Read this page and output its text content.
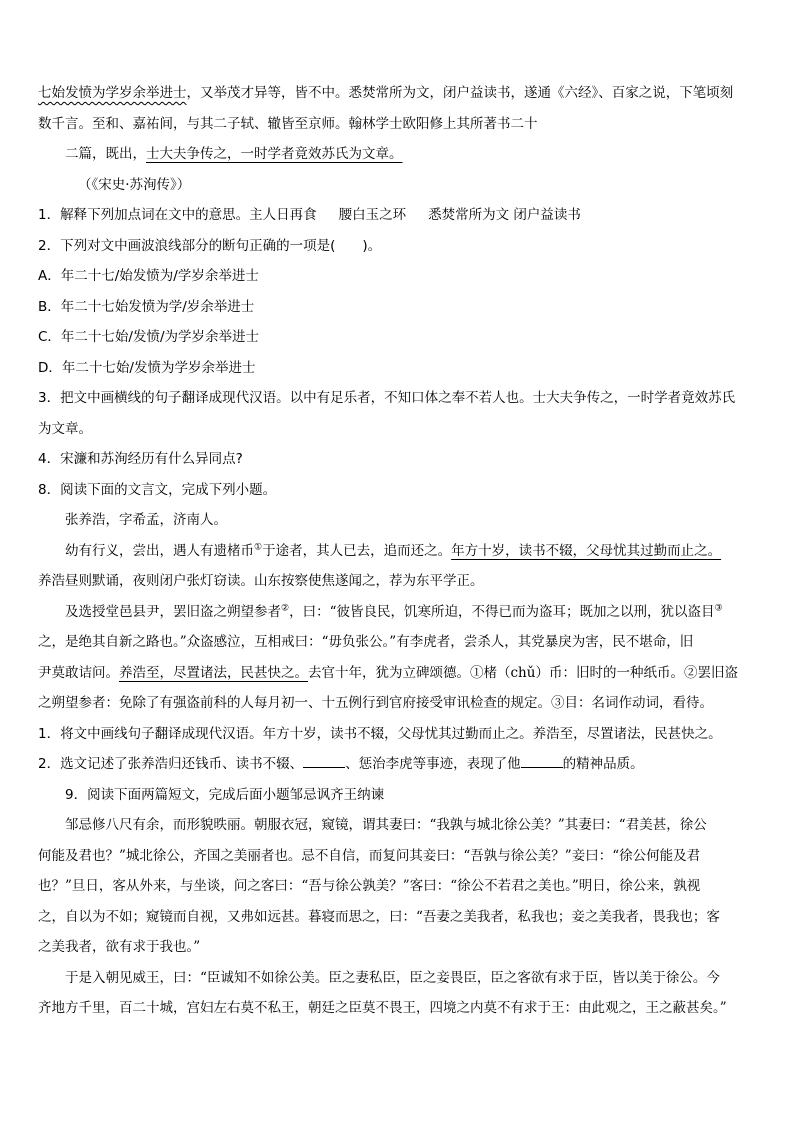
七始发愤为学岁余举进士，又举茂才异等，皆不中。悉焚常所为文，闭户益读书，遂通《六经》、百家之说，下笔顷刻

数千言。至和、嘉祐间，与其二子轼、辙皆至京师。翰林学士欧阳修上其所著书二十

二篇，既出，士大夫争传之，一时学者竟效苏氏为文章。

（《宋史·苏洵传》）

1．解释下列加点词在文中的意思。主人日再食 腰白玉之环 悉焚常所为文 闭户益读书

2．下列对文中画波浪线部分的断句正确的一项是(　　)。

A．年二十七/始发愤为/学岁余举进士

B．年二十七始发愤为学/岁余举进士

C．年二十七始/发愤/为学岁余举进士

D．年二十七始/发愤为学岁余举进士

3．把文中画横线的句子翻译成现代汉语。以中有足乐者，不知口体之奉不若人也。士大夫争传之，一时学者竟效苏氏

为文章。

4．宋濂和苏洵经历有什么异同点?

8．阅读下面的文言文，完成下列小题。

张养浩，字希孟，济南人。

幼有行义，尝出，遇人有遗楮币①于途者，其人已去，追而还之。年方十岁，读书不辍，父母忧其过勤而止之。

养浩昼则默诵，夜则闭户张灯窃读。山东按察使焦遂闻之，荐为东平学正。

及选授堂邑县尹，罢旧盗之朔望参者②，曰：“彼皆良民，饥寒所迫，不得已而为盗耳；既加之以刑，犹以盗目③

之，是绝其自新之路也。”众盗感泣，互相戒曰：“毋负张公。”有李虎者，尝杀人，其党暴戾为害，民不堪命，旧

尹莫敢诘问。养浩至，尽置诸法，民甚快之。去官十年，犹为立碑颂德。①楮（chǔ）币：旧时的一种纸币。②罢旧盗

之朔望参者：免除了有强盗前科的人每月初一、十五例行到官府接受审讯检查的规定。③目：名词作动词，看待。

1．将文中画线句子翻译成现代汉语。年方十岁，读书不辍，父母忧其过勤而止之。养浩至，尽置诸法，民甚快之。

2．选文记述了张养浩归还钱币、读书不辍、	、惩治李虎等事迹，表现了他	的精神品质。

9．阅读下面两篇短文，完成后面小题邹忌讽齐王纳谏

邹忌修八尺有余，而形貌昳丽。朝服衣冠，窥镜，谓其妻曰：“我孰与城北徐公美？”其妻曰：“君美甚，徐公

何能及君也？”城北徐公，齐国之美丽者也。忌不自信，而复问其妾曰：“吾孰与徐公美？”妾曰：“徐公何能及君

也？”旦日，客从外来，与坐谈，问之客曰：“吾与徐公孰美？”客曰：“徐公不若君之美也。”明日，徐公来，孰视

之，自以为不如；窥镜而自视，又弗如远甚。暮寝而思之，曰：“吾妻之美我者，私我也；妾之美我者，畏我也；客

之美我者，欲有求于我也。”

于是入朝见威王，曰：“臣诚知不如徐公美。臣之妻私臣，臣之妾畏臣，臣之客欲有求于臣，皆以美于徐公。今

齐地方千里，百二十城，宫妇左右莫不私王，朝廷之臣莫不畏王，四境之内莫不有求于王：由此观之，王之蔽甚矣。”
